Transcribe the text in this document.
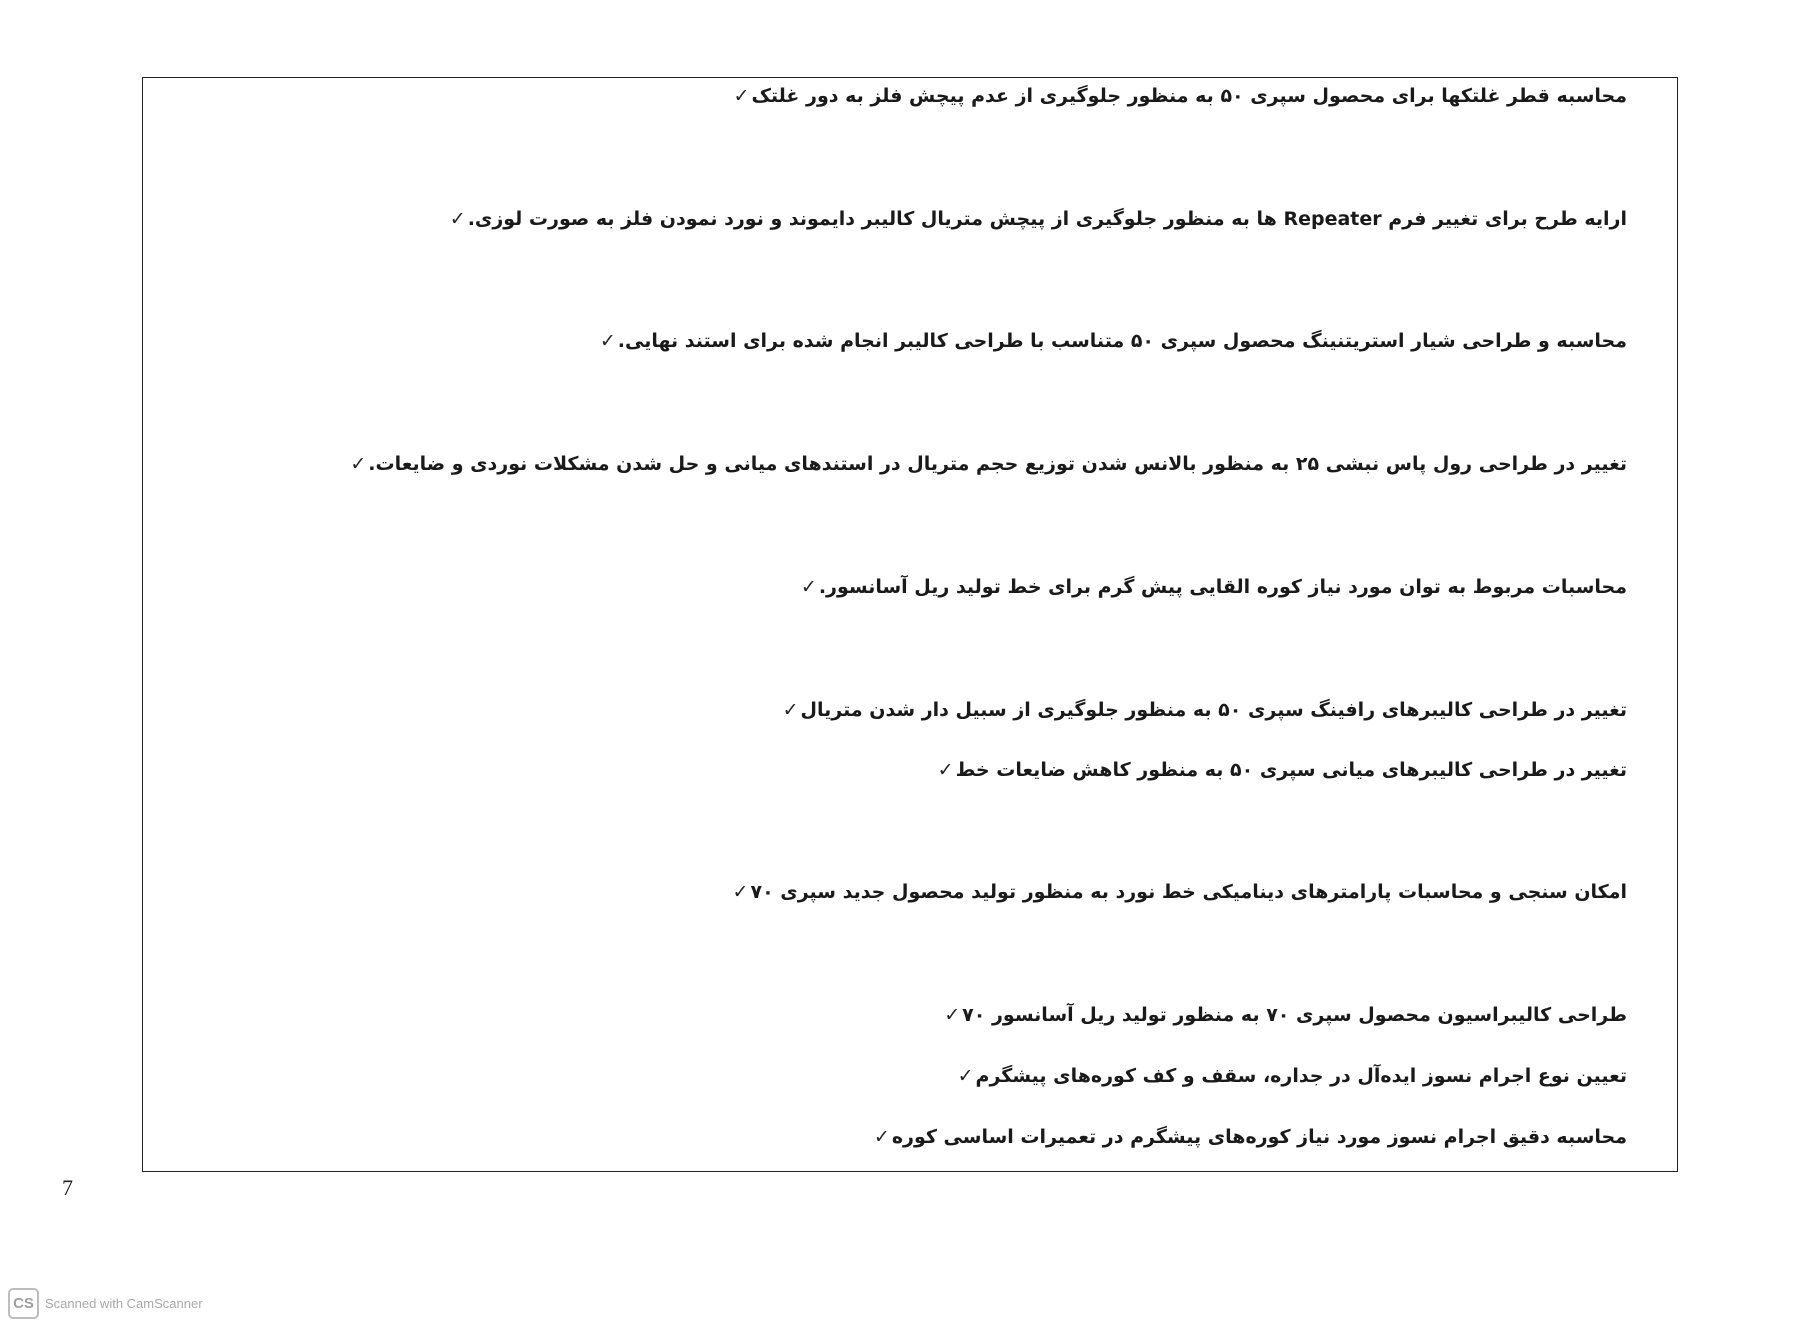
✓ محاسبه قطر غلتکها برای محصول سپری ۵۰ به منظور جلوگیری از عدم پیچش فلز به دور غلتک
✓ ارایه طرح برای تغییر فرم Repeater ها به منظور جلوگیری از پیچش متریال کالیبر دایموند و نورد نمودن فلز به صورت لوزی.
✓ محاسبه و طراحی شیار استریتنینگ محصول سپری ۵۰ متناسب با طراحی کالیبر انجام شده برای استند نهایی.
✓ تغییر در طراحی رول پاس نبشی ۲۵ به منظور بالانس شدن توزیع حجم متریال در استندهای میانی و حل شدن مشکلات نوردی و ضایعات.
✓ محاسبات مربوط به توان مورد نیاز کوره القایی پیش گرم برای خط تولید ریل آسانسور.
✓ تغییر در طراحی کالیبرهای رافینگ سپری ۵۰ به منظور جلوگیری از سبیل دار شدن متریال
✓ تغییر در طراحی کالیبرهای میانی سپری ۵۰ به منظور کاهش ضایعات خط
✓ امکان سنجی و محاسبات پارامترهای دینامیکی خط نورد به منظور تولید محصول جدید سپری ۷۰
✓ طراحی کالیبراسیون محصول سپری ۷۰ به منظور تولید ریل آسانسور ۷۰
✓ تعیین نوع اجرام نسوز ایده‌آل در جداره، سقف و کف کوره‌های پیشگرم
✓ محاسبه دقیق اجرام نسوز مورد نیاز کوره‌های پیشگرم در تعمیرات اساسی کوره
7
CS Scanned with CamScanner
